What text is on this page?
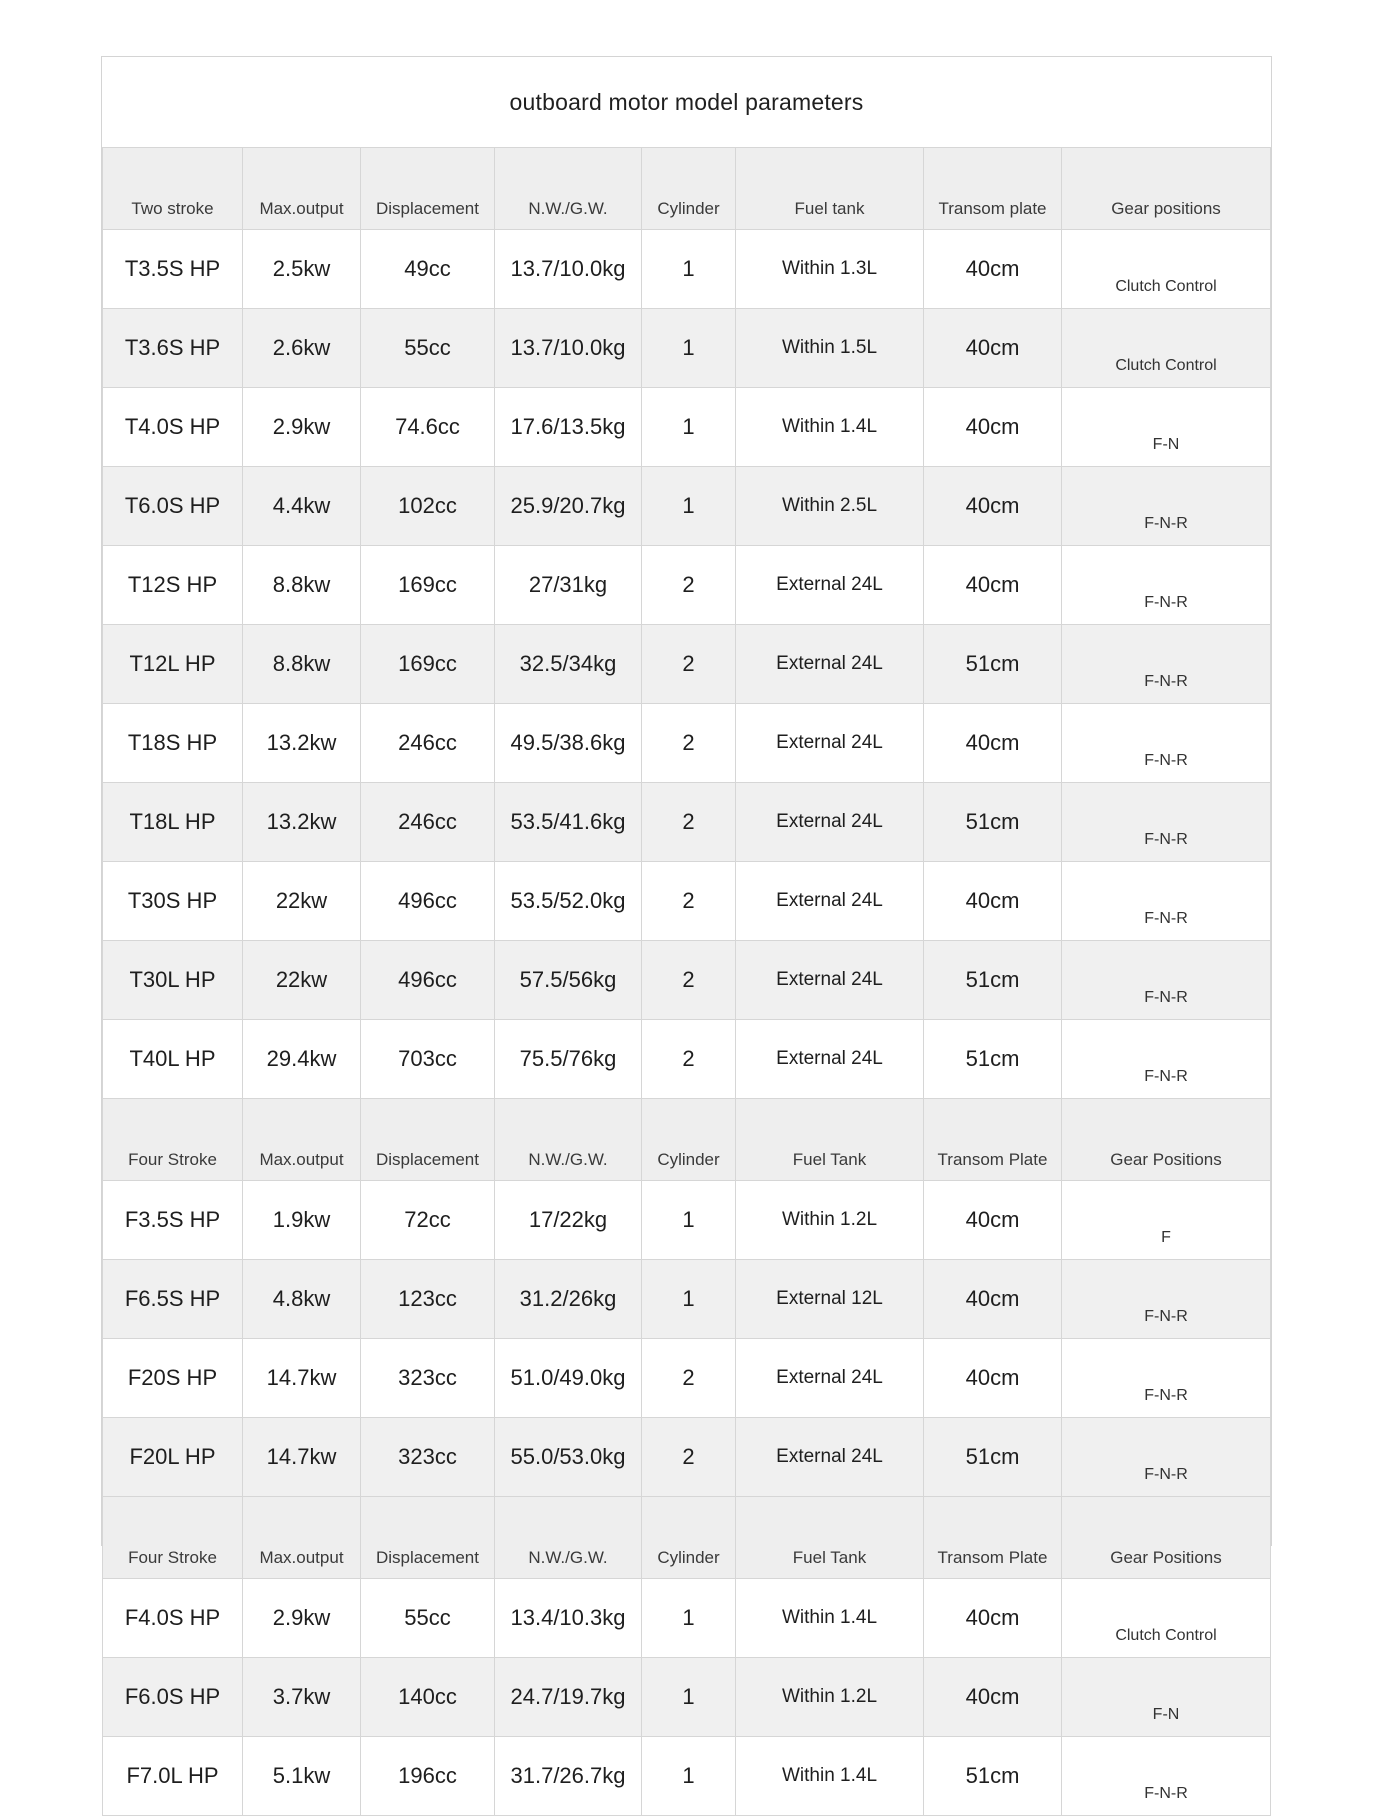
outboard motor model parameters
Two stroke	Max.output	Displacement	N.W./G.W.	Cylinder	Fuel tank	Transom plate	Gear positions
T3.5S HP	2.5kw	49cc	13.7/10.0kg	1	Within 1.3L	40cm	Clutch Control
T3.6S HP	2.6kw	55cc	13.7/10.0kg	1	Within 1.5L	40cm	Clutch Control
T4.0S HP	2.9kw	74.6cc	17.6/13.5kg	1	Within 1.4L	40cm	F-N
T6.0S HP	4.4kw	102cc	25.9/20.7kg	1	Within 2.5L	40cm	F-N-R
T12S HP	8.8kw	169cc	27/31kg	2	External 24L	40cm	F-N-R
T12L HP	8.8kw	169cc	32.5/34kg	2	External 24L	51cm	F-N-R
T18S HP	13.2kw	246cc	49.5/38.6kg	2	External 24L	40cm	F-N-R
T18L HP	13.2kw	246cc	53.5/41.6kg	2	External 24L	51cm	F-N-R
T30S HP	22kw	496cc	53.5/52.0kg	2	External 24L	40cm	F-N-R
T30L HP	22kw	496cc	57.5/56kg	2	External 24L	51cm	F-N-R
T40L HP	29.4kw	703cc	75.5/76kg	2	External 24L	51cm	F-N-R
Four Stroke	Max.output	Displacement	N.W./G.W.	Cylinder	Fuel Tank	Transom Plate	Gear Positions
F3.5S HP	1.9kw	72cc	17/22kg	1	Within 1.2L	40cm	F
F6.5S HP	4.8kw	123cc	31.2/26kg	1	External 12L	40cm	F-N-R
F20S HP	14.7kw	323cc	51.0/49.0kg	2	External 24L	40cm	F-N-R
F20L HP	14.7kw	323cc	55.0/53.0kg	2	External 24L	51cm	F-N-R
Four Stroke	Max.output	Displacement	N.W./G.W.	Cylinder	Fuel Tank	Transom Plate	Gear Positions
F4.0S HP	2.9kw	55cc	13.4/10.3kg	1	Within 1.4L	40cm	Clutch Control
F6.0S HP	3.7kw	140cc	24.7/19.7kg	1	Within 1.2L	40cm	F-N
F7.0L HP	5.1kw	196cc	31.7/26.7kg	1	Within 1.4L	51cm	F-N-R
